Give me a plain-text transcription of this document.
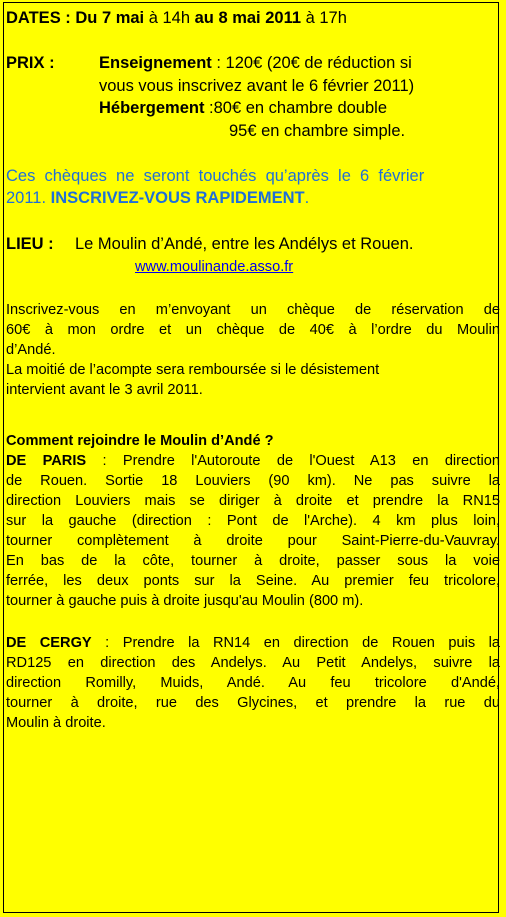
DATES : Du 7 mai à 14h au 8 mai 2011 à 17h
PRIX :	Enseignement : 120€ (20€ de réduction si
vous vous inscrivez avant le 6 février 2011)
Hébergement :80€ en chambre double
95€ en chambre simple.
Ces  chèques  ne  seront  touchés  qu’après  le  6  février
2011. INSCRIVEZ-VOUS RAPIDEMENT.
LIEU : Le Moulin d’Andé, entre les Andélys et Rouen.
www.moulinande.asso.fr
Inscrivez-vous en m’envoyant un chèque de réservation de
60€ à mon ordre et un chèque de 40€ à l’ordre du Moulin
d’Andé.
La moitié de l’acompte sera remboursée si le désistement
intervient avant le 3 avril 2011.
Comment rejoindre le Moulin d’Andé ?
DE PARIS : Prendre l'Autoroute de l'Ouest A13 en direction
de Rouen. Sortie 18 Louviers (90 km). Ne pas suivre la
direction Louviers mais se diriger à droite et prendre la RN15
sur la gauche (direction : Pont de l'Arche). 4 km plus loin,
tourner complètement à droite pour Saint-Pierre-du-Vauvray.
En bas de la côte, tourner à droite, passer sous la voie
ferrée, les deux ponts sur la Seine. Au premier feu tricolore,
tourner à gauche puis à droite jusqu'au Moulin (800 m).
DE CERGY : Prendre la RN14 en direction de Rouen puis la
RD125 en direction des Andelys. Au Petit Andelys, suivre la
direction Romilly, Muids, Andé. Au feu tricolore d'Andé,
tourner à droite, rue des Glycines, et prendre la rue du
Moulin à droite.
